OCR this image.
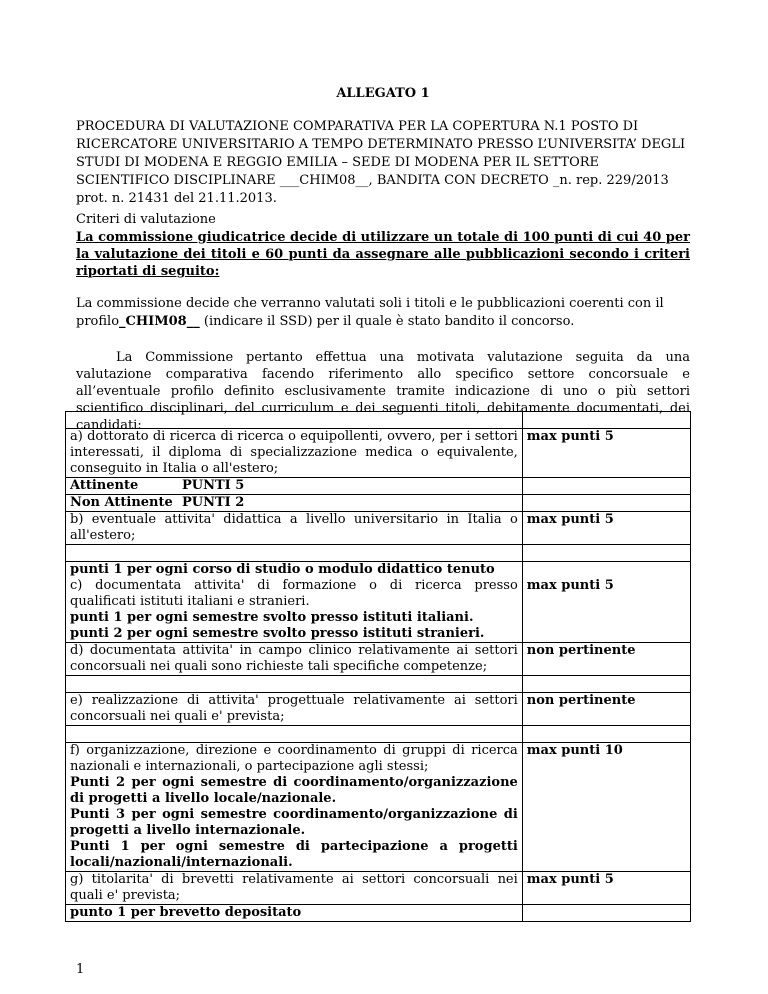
ALLEGATO 1
PROCEDURA DI VALUTAZIONE COMPARATIVA PER LA COPERTURA N.1 POSTO DI RICERCATORE UNIVERSITARIO A TEMPO DETERMINATO PRESSO L’UNIVERSITA’ DEGLI STUDI DI MODENA E REGGIO EMILIA – SEDE DI MODENA PER IL SETTORE SCIENTIFICO DISCIPLINARE ___CHIM08__, BANDITA CON DECRETO _n. rep. 229/2013 prot. n. 21431 del 21.11.2013.
Criteri di valutazione
La commissione giudicatrice decide di utilizzare un totale di 100 punti di cui 40 per la valutazione dei titoli e 60 punti da assegnare alle pubblicazioni secondo i criteri riportati di seguito:
La commissione decide che verranno valutati soli i titoli e le pubblicazioni coerenti con il profilo_CHIM08__ (indicare il SSD) per il quale è stato bandito il concorso.
La Commissione pertanto effettua una motivata valutazione seguita da una valutazione comparativa facendo riferimento allo specifico settore concorsuale e all’eventuale profilo definito esclusivamente tramite indicazione di uno o più settori scientifico disciplinari, del curriculum e dei seguenti titoli, debitamente documentati, dei candidati:

a) dottorato di ricerca di ricerca o equipollenti, ovvero, per i settori interessati, il diploma di specializzazione medica o equivalente, conseguito in Italia o all'estero;	max punti 5
Attinente PUNTI 5	
Non Attinente PUNTI 2	
b) eventuale attivita' didattica a livello universitario in Italia o all'estero;	max punti 5

punti 1 per ogni corso di studio o modulo didattico tenuto
c) documentata attivita' di formazione o di ricerca presso qualificati istituti italiani e stranieri.
punti 1 per ogni semestre svolto presso istituti italiani.
punti 2 per ogni semestre svolto presso istituti stranieri.	max punti 5

d) documentata attivita' in campo clinico relativamente ai settori concorsuali nei quali sono richieste tali specifiche competenze;	non pertinente

e) realizzazione di attivita' progettuale relativamente ai settori concorsuali nei quali e' prevista;	non pertinente

f) organizzazione, direzione e coordinamento di gruppi di ricerca nazionali e internazionali, o partecipazione agli stessi;
Punti 2 per ogni semestre di coordinamento/organizzazione di progetti a livello locale/nazionale.
Punti 3 per ogni semestre coordinamento/organizzazione di progetti a livello internazionale.
Punti 1 per ogni semestre di partecipazione a progetti locali/nazionali/internazionali.	max punti 10
g) titolarita' di brevetti relativamente ai settori concorsuali nei quali e' prevista;	max punti 5
punto 1 per brevetto depositato	
1
